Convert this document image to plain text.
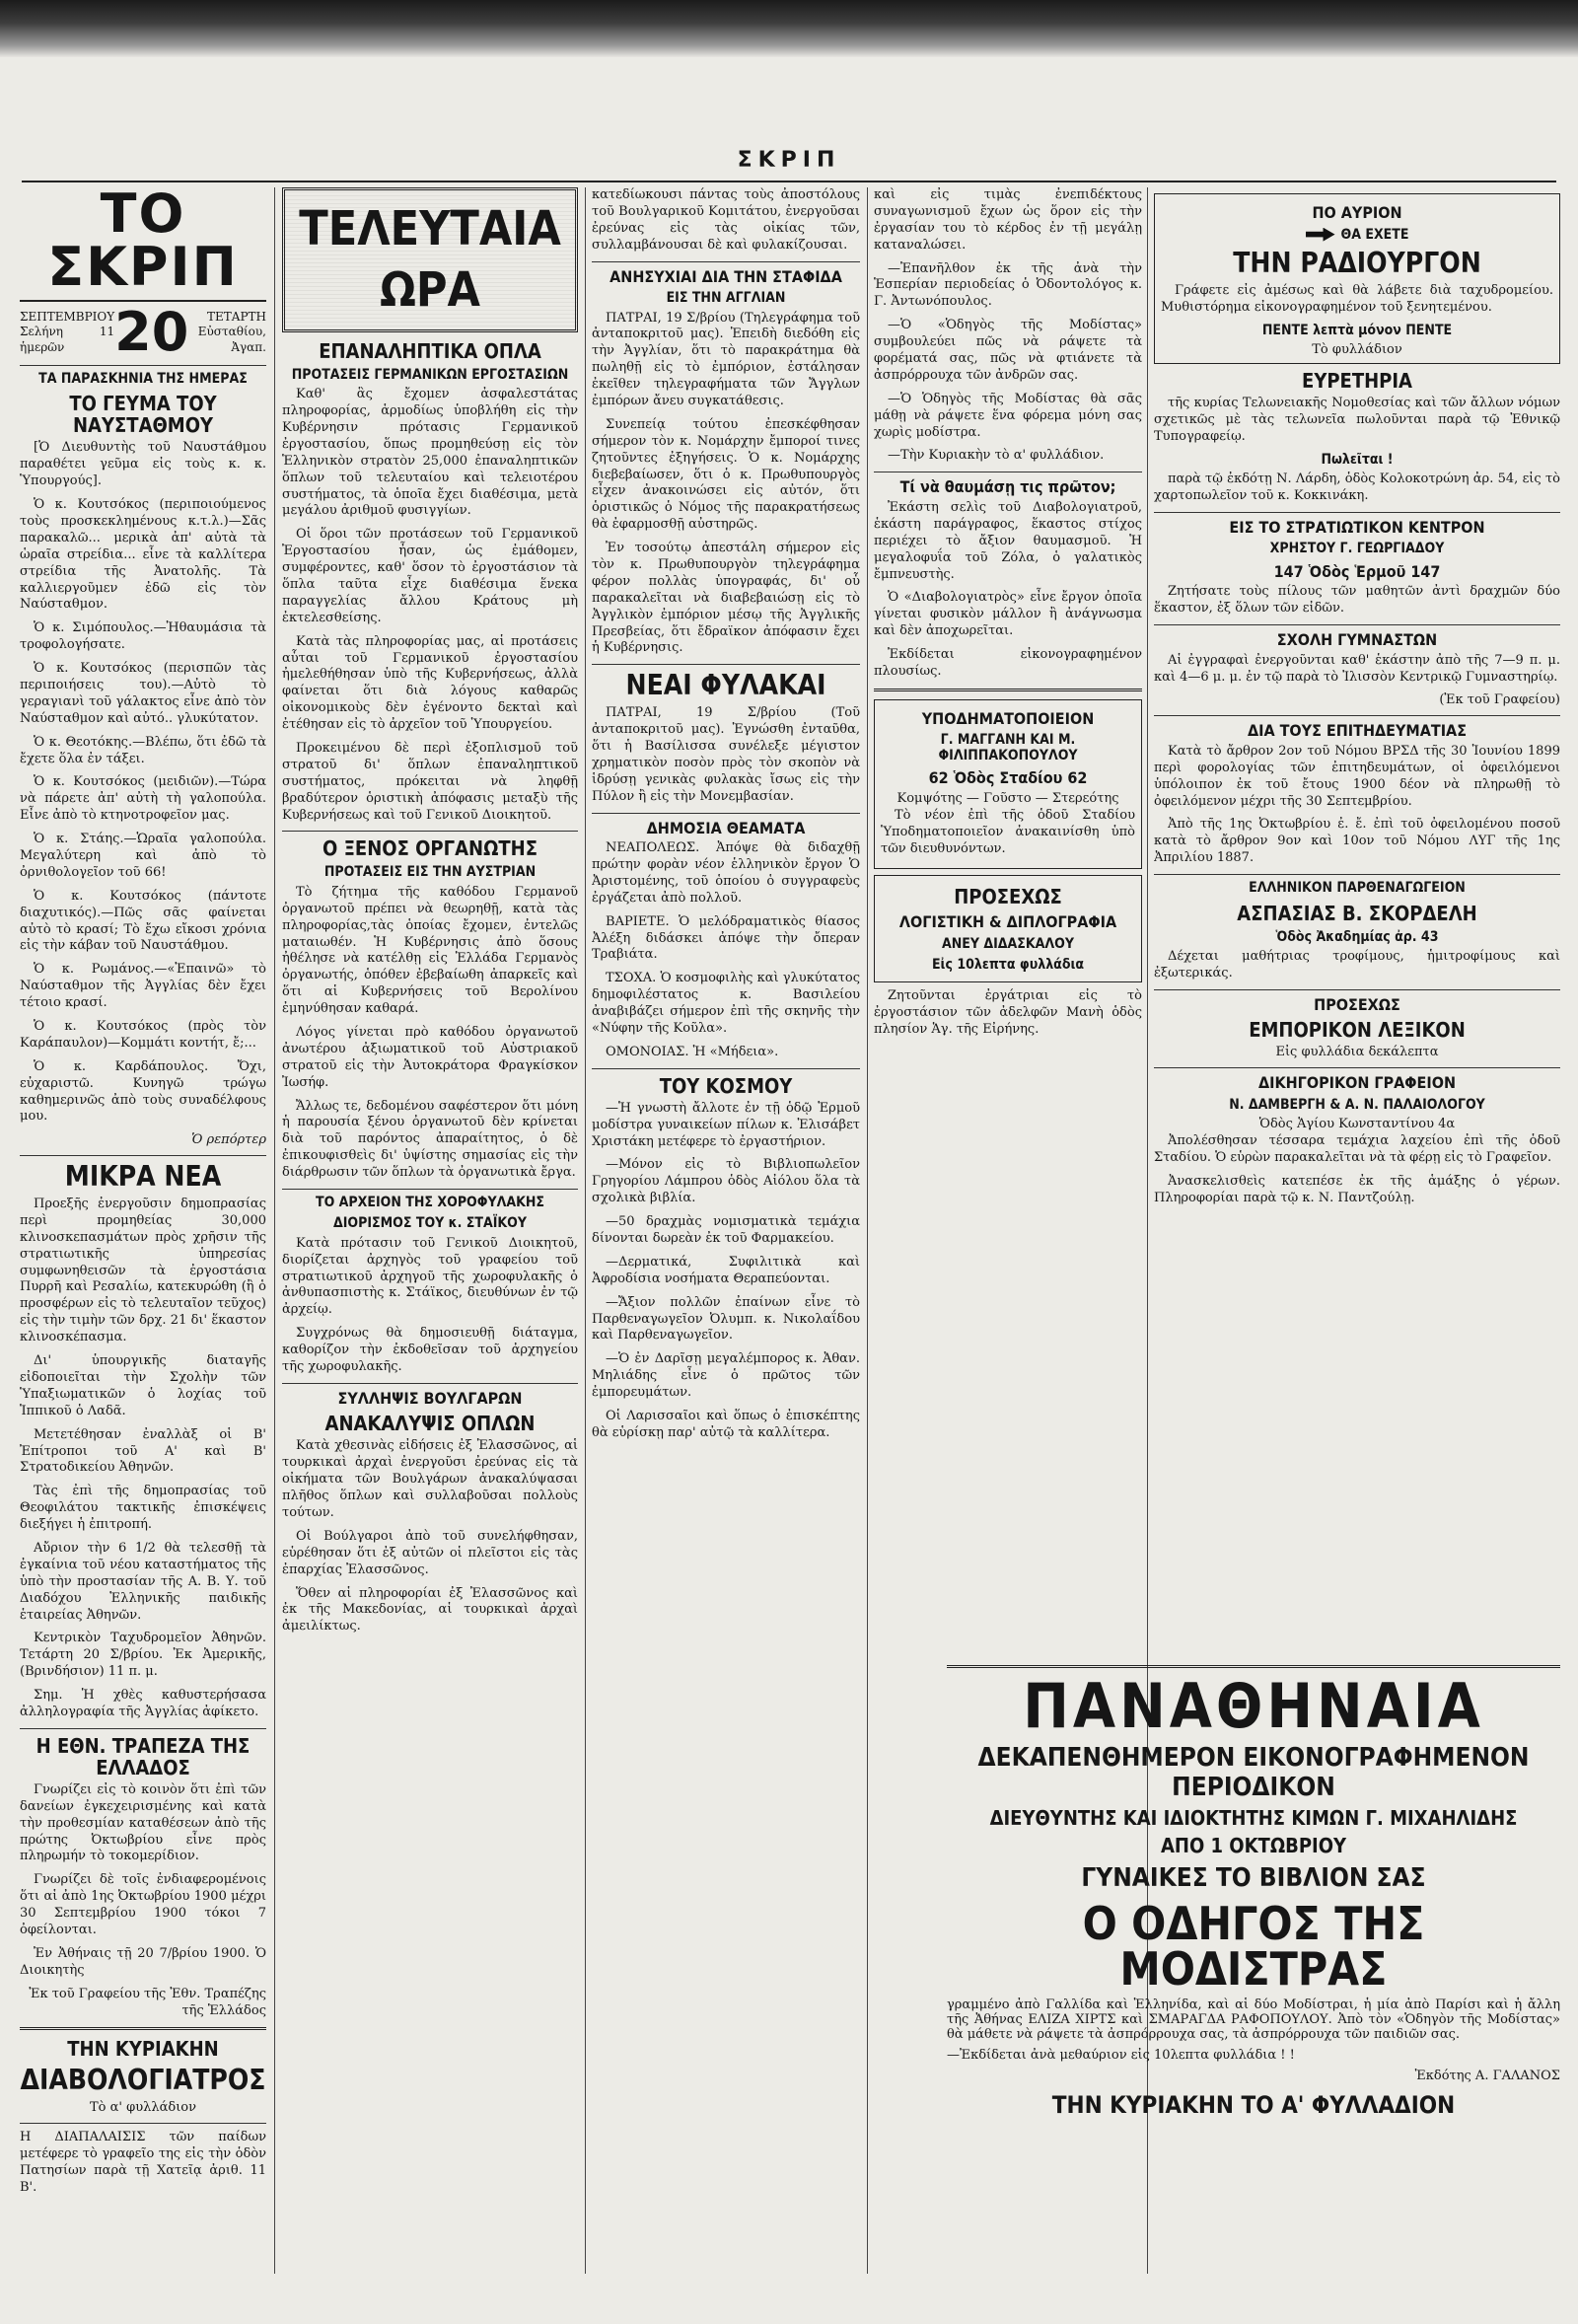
ΣΚΡΙΠ
ΤΟ ΣΚΡΙΠ
ΣΕΠΤΕΜΒΡΙΟΥ
Σελήνη 11 ἡμερῶν 20	ΤΕΤΑΡΤΗ
Εὐσταθίου, Ἀγαπ.
ΤΑ ΠΑΡΑΣΚΗΝΙΑ ΤΗΣ ΗΜΕΡΑΣ
ΤΟ ΓΕΥΜΑ ΤΟΥ ΝΑΥΣΤΑΘΜΟΥ

[Ὁ Διευθυντὴς τοῦ Ναυστάθμου παραθέτει γεῦμα εἰς τοὺς κ. κ. Ὑπουργούς].

Ὁ κ. Κουτσόκος (περιποιούμενος τοὺς προσκεκλημένους κ.τ.λ.)—Σᾶς παρακαλῶ... μερικὰ ἀπ' αὐτὰ τὰ ὡραῖα στρείδια... εἶνε τὰ καλλίτερα στρείδια τῆς Ἀνατολῆς. Τὰ καλλιεργοῦμεν ἐδῶ εἰς τὸν Ναύσταθμον.

Ὁ κ. Σιμόπουλος.—Ἠθαυμάσια τὰ τροφολογήσατε.

Ὁ κ. Κουτσόκος (περισπῶν τὰς περιποιήσεις του).—Αὐτὸ τὸ γεραγιανὶ τοῦ γάλακτος εἶνε ἀπὸ τὸν Ναύσταθμον καὶ αὐτό.. γλυκύτατον.

Ὁ κ. Θεοτόκης.—Βλέπω, ὅτι ἐδῶ τὰ ἔχετε ὅλα ἐν τάξει.

Ὁ κ. Κουτσόκος (μειδιῶν).—Τώρα νὰ πάρετε ἀπ' αὐτὴ τὴ γαλοπούλα. Εἶνε ἀπὸ τὸ κτηνοτροφεῖον μας.

Ὁ κ. Στάης.—Ὡραῖα γαλοπούλα. Μεγαλύτερη καὶ ἀπὸ τὸ ὀρνιθολογεῖον τοῦ 66!

Ὁ κ. Κουτσόκος (πάντοτε διαχυτικός).—Πῶς σᾶς φαίνεται αὐτὸ τὸ κρασί; Τὸ ἔχω εἴκοσι χρόνια εἰς τὴν κάβαν τοῦ Ναυστάθμου.

Ὁ κ. Ρωμάνος.—«Ἐπαινῶ» τὸ Ναύσταθμον τῆς Ἀγγλίας δὲν ἔχει τέτοιο κρασί.

Ὁ κ. Κουτσόκος (πρὸς τὸν Καράπαυλον)—Κομμάτι κοντήτ, ἔ;...

Ὁ κ. Καρδάπουλος. Ὄχι, εὐχαριστῶ. Κυνηγῶ τρώγω καθημερινῶς ἀπὸ τοὺς συναδέλφους μου.

Ὁ ρεπόρτερ
ΜΙΚΡΑ ΝΕΑ

Προεξῆς ἐνεργοῦσιν δημοπρασίας περὶ προμηθείας 30,000 κλινοσκεπασμάτων πρὸς χρῆσιν τῆς στρατιωτικῆς ὑπηρεσίας συμφωνηθεισῶν τὰ ἐργοστάσια Πυρρῆ καὶ Ρεσαλίω, κατεκυρώθη (ἢ ὁ προσφέρων εἰς τὸ τελευταῖον τεῦχος) εἰς τὴν τιμὴν τῶν δρχ. 21 δι' ἕκαστον κλινοσκέπασμα.

Δι' ὑπουργικῆς διαταγῆς εἰδοποιεῖται τὴν Σχολὴν τῶν Ὑπαξιωματικῶν ὁ λοχίας τοῦ Ἱππικοῦ ὁ Λαδᾶ.

Μετετέθησαν ἐναλλὰξ οἱ Β' Ἐπίτροποι τοῦ Α' καὶ Β' Στρατοδικείου Ἀθηνῶν.

Τὰς ἐπὶ τῆς δημοπρασίας τοῦ Θεοφιλάτου τακτικῆς ἐπισκέψεις διεξήγει ἡ ἐπιτροπή.

Αὔριον τὴν 6 1/2 θὰ τελεσθῇ τὰ ἐγκαίνια τοῦ νέου καταστήματος τῆς ὑπὸ τὴν προστασίαν τῆς Α. Β. Υ. τοῦ Διαδόχου Ἑλληνικῆς παιδικῆς ἑταιρείας Ἀθηνῶν.

Κεντρικὸν Ταχυδρομεῖον Ἀθηνῶν. Τετάρτη 20 Σ/βρίου. Ἐκ Ἀμερικῆς, (Βρινδήσιον) 11 π. μ.

Σημ. Ἡ χθὲς καθυστερήσασα ἀλληλογραφία τῆς Ἀγγλίας ἀφίκετο.

Η ΕΘΝ. ΤΡΑΠΕΖΑ ΤΗΣ ΕΛΛΑΔΟΣ

Γνωρίζει εἰς τὸ κοινὸν ὅτι ἐπὶ τῶν δανείων ἐγκεχειρισμένης καὶ κατὰ τὴν προθεσμίαν καταθέσεων ἀπὸ τῆς πρώτης Ὀκτωβρίου εἶνε πρὸς πληρωμήν τὸ τοκομερίδιον.

Γνωρίζει δὲ τοῖς ἐνδιαφερομένοις ὅτι αἱ ἀπὸ 1ης Ὀκτωβρίου 1900 μέχρι 30 Σεπτεμβρίου 1900 τόκοι 7 ὀφείλονται.

Ἐν Ἀθήναις τῇ 20 7/βρίου 1900. Ὁ Διοικητὴς

Ἐκ τοῦ Γραφείου τῆς Ἐθν. Τραπέζης τῆς Ἑλλάδος
ΤΗΝ ΚΥΡΙΑΚΗΝ
ΔΙΑΒΟΛΟΓΙΑΤΡΟΣ
Τὸ α' φυλλάδιον

Η ΔΙΑΠΑΛΑΙΣΙΣ τῶν παίδων μετέφερε τὸ γραφεῖο της εἰς τὴν ὁδὸν Πατησίων παρὰ τῇ Χατεῖᾳ ἀριθ. 11 Β'.

ΤΕΛΕΥΤΑΙΑ ΩΡΑ
ΕΠΑΝΑΛΗΠΤΙΚΑ ΟΠΛΑ
ΠΡΟΤΑΣΕΙΣ ΓΕΡΜΑΝΙΚΩΝ ΕΡΓΟΣΤΑΣΙΩΝ

Καθ' ἃς ἔχομεν ἀσφαλεστάτας πληροφορίας, ἁρμοδίως ὑποβλήθη εἰς τὴν Κυβέρνησιν πρότασις Γερμανικοῦ ἐργοστασίου, ὅπως προμηθεύσῃ εἰς τὸν Ἑλληνικὸν στρατὸν 25,000 ἐπαναληπτικῶν ὅπλων τοῦ τελευταίου καὶ τελειοτέρου συστήματος, τὰ ὁποῖα ἔχει διαθέσιμα, μετὰ μεγάλου ἀριθμοῦ φυσιγγίων.

Οἱ ὅροι τῶν προτάσεων τοῦ Γερμανικοῦ Ἐργοστασίου ἦσαν, ὡς ἐμάθομεν, συμφέροντες, καθ' ὅσον τὸ ἐργοστάσιον τὰ ὅπλα ταῦτα εἶχε διαθέσιμα ἕνεκα παραγγελίας ἄλλου Κράτους μὴ ἐκτελεσθείσης.

Κατὰ τὰς πληροφορίας μας, αἱ προτάσεις αὗται τοῦ Γερμανικοῦ ἐργοστασίου ἠμελεθήθησαν ὑπὸ τῆς Κυβερνήσεως, ἀλλὰ φαίνεται ὅτι διὰ λόγους καθαρῶς οἰκονομικοὺς δὲν ἐγένοντο δεκταὶ καὶ ἐτέθησαν εἰς τὸ ἀρχεῖον τοῦ Ὑπουργείου.

Προκειμένου δὲ περὶ ἐξοπλισμοῦ τοῦ στρατοῦ δι' ὅπλων ἐπαναληπτικοῦ συστήματος, πρόκειται νὰ ληφθῇ βραδύτερον ὁριστικὴ ἀπόφασις μεταξὺ τῆς Κυβερνήσεως καὶ τοῦ Γενικοῦ Διοικητοῦ.

Ο ΞΕΝΟΣ ΟΡΓΑΝΩΤΗΣ
ΠΡΟΤΑΣΕΙΣ ΕΙΣ ΤΗΝ ΑΥΣΤΡΙΑΝ

Τὸ ζήτημα τῆς καθόδου Γερμανοῦ ὀργανωτοῦ πρέπει νὰ θεωρηθῇ, κατὰ τὰς πληροφορίας,τὰς ὁποίας ἔχομεν, ἐντελῶς ματαιωθέν. Ἡ Κυβέρνησις ἀπὸ ὅσους ἠθέλησε νὰ κατέλθῃ εἰς Ἑλλάδα Γερμανὸς ὀργανωτής, ὁπόθεν ἐβεβαίωθη ἀπαρκεῖς καὶ ὅτι αἱ Κυβερνήσεις τοῦ Βερολίνου ἐμηνύθησαν καθαρά.

Λόγος γίνεται πρὸ καθόδου ὀργανωτοῦ ἀνωτέρου ἀξιωματικοῦ τοῦ Αὐστριακοῦ στρατοῦ εἰς τὴν Ἀυτοκράτορα Φραγκίσκον Ἰωσήφ.

Ἄλλως τε, δεδομένου σαφέστερον ὅτι μόνη ἡ παρουσία ξένου ὀργανωτοῦ δὲν κρίνεται διὰ τοῦ παρόντος ἀπαραίτητος, ὁ δὲ ἐπικουφισθεὶς δι' ὑψίστης σημασίας εἰς τὴν διάρθρωσιν τῶν ὅπλων τὰ ὀργανωτικὰ ἔργα.

ΤΟ ΑΡΧΕΙΟΝ ΤΗΣ ΧΟΡΟΦΥΛΑΚΗΣ
ΔΙΟΡΙΣΜΟΣ ΤΟΥ κ. ΣΤΑΪΚΟΥ

Κατὰ πρότασιν τοῦ Γενικοῦ Διοικητοῦ, διορίζεται ἀρχηγὸς τοῦ γραφείου τοῦ στρατιωτικοῦ ἀρχηγοῦ τῆς χωροφυλακῆς ὁ ἀνθυπασπιστὴς κ. Στάϊκος, διευθύνων ἐν τῷ ἀρχείῳ.

Συγχρόνως θὰ δημοσιευθῇ διάταγμα, καθορίζον τὴν ἐκδοθεῖσαν τοῦ ἀρχηγείου τῆς χωροφυλακῆς.

ΣΥΛΛΗΨΙΣ ΒΟΥΛΓΑΡΩΝ
ΑΝΑΚΑΛΥΨΙΣ ΟΠΛΩΝ

Κατὰ χθεσινὰς εἰδήσεις ἐξ Ἐλασσῶνος, αἱ τουρκικαὶ ἀρχαὶ ἐνεργοῦσι ἐρεύνας εἰς τὰ οἰκήματα τῶν Βουλγάρων ἀνακαλύψασαι πλῆθος ὅπλων καὶ συλλαβοῦσαι πολλοὺς τούτων.

Οἱ Βούλγαροι ἀπὸ τοῦ συνελήφθησαν, εὑρέθησαν ὅτι ἐξ αὐτῶν οἱ πλεῖστοι εἰς τὰς ἐπαρχίας Ἐλασσῶνος.

Ὅθεν αἱ πληροφορίαι ἐξ Ἐλασσῶνος καὶ ἐκ τῆς Μακεδονίας, αἱ τουρκικαὶ ἀρχαὶ ἀμειλίκτως.

κατεδίωκουσι πάντας τοὺς ἀποστόλους τοῦ Βουλγαρικοῦ Κομιτάτου, ἐνεργοῦσαι ἐρεύνας εἰς τὰς οἰκίας τῶν, συλλαμβάνουσαι δὲ καὶ φυλακίζουσαι.

ΑΝΗΣΥΧΙΑΙ ΔΙΑ ΤΗΝ ΣΤΑΦΙΔΑ
ΕΙΣ ΤΗΝ ΑΓΓΛΙΑΝ

ΠΑΤΡΑΙ, 19 Σ/βρίου (Τηλεγράφημα τοῦ ἀνταποκριτοῦ μας). Ἐπειδὴ διεδόθη εἰς τὴν Ἀγγλίαν, ὅτι τὸ παρακράτημα θὰ πωληθῇ εἰς τὸ ἐμπόριον, ἐστάλησαν ἐκεῖθεν τηλεγραφήματα τῶν Ἄγγλων ἐμπόρων ἄνευ συγκατάθεσις.

Συνεπείᾳ τούτου ἐπεσκέφθησαν σήμερον τὸν κ. Νομάρχην ἔμποροί τινες ζητοῦντες ἐξηγήσεις. Ὁ κ. Νομάρχης διεβεβαίωσεν, ὅτι ὁ κ. Πρωθυπουργὸς εἶχεν ἀνακοινώσει εἰς αὐτόν, ὅτι ὁριστικῶς ὁ Νόμος τῆς παρακρατήσεως θὰ ἐφαρμοσθῇ αὐστηρῶς.

Ἐν τοσούτῳ ἀπεστάλη σήμερον εἰς τὸν κ. Πρωθυπουργὸν τηλεγράφημα φέρον πολλὰς ὑπογραφάς, δι' οὗ παρακαλεῖται νὰ διαβεβαιώσῃ εἰς τὸ Ἀγγλικὸν ἐμπόριον μέσῳ τῆς Ἀγγλικῆς Πρεσβείας, ὅτι ἔδραϊκον ἀπόφασιν ἔχει ἡ Κυβέρνησις.

ΝΕΑΙ ΦΥΛΑΚΑΙ

ΠΑΤΡΑΙ, 19 Σ/βρίου (Τοῦ ἀνταποκριτοῦ μας). Ἐγνώσθη ἐνταῦθα, ὅτι ἡ Βασίλισσα συνέλεξε μέγιστον χρηματικὸν ποσὸν πρὸς τὸν σκοπὸν νὰ ἱδρύσῃ γενικὰς φυλακὰς ἴσως εἰς τὴν Πύλον ἢ εἰς τὴν Μονεμβασίαν.

ΔΗΜΟΣΙΑ ΘΕΑΜΑΤΑ

ΝΕΑΠΟΛΕΩΣ. Ἀπόψε θὰ διδαχθῇ πρώτην φορὰν νέον ἑλληνικὸν ἔργον Ὁ Ἀριστομένης, τοῦ ὁποίου ὁ συγγραφεὺς ἐργάζεται ἀπὸ πολλοῦ.

ΒΑΡΙΕΤΕ. Ὁ μελόδραματικὸς θίασος Ἀλέξη διδάσκει ἀπόψε τὴν ὄπεραν Τραβιάτα.

ΤΣΟΧΑ. Ὁ κοσμοφιλὴς καὶ γλυκύτατος δημοφιλέστατος κ. Βασιλείου ἀναβιβάζει σήμερον ἐπὶ τῆς σκηνῆς τὴν «Νύφην τῆς Κοῦλα».

ΟΜΟΝΟΙΑΣ. Ἡ «Μήδεια».

ΤΟΥ ΚΟΣΜΟΥ

—Ἡ γνωστὴ ἄλλοτε ἐν τῇ ὁδῷ Ἑρμοῦ μοδίστρα γυναικείων πίλων κ. Ἐλισάβετ Χριστάκη μετέφερε τὸ ἐργαστήριον.

—Μόνον εἰς τὸ Βιβλιοπωλεῖον Γρηγορίου Λάμπρου ὁδὸς Αἰόλου ὅλα τὰ σχολικὰ βιβλία.

—50 δραχμὰς νομισματικὰ τεμάχια δίνονται δωρεὰν ἐκ τοῦ Φαρμακείου.

—Δερματικά, Συφιλιτικὰ καὶ Ἀφροδίσια νοσήματα Θεραπεύονται.

—Ἄξιον πολλῶν ἐπαίνων εἶνε τὸ Παρθεναγωγεῖον Ὀλυμπ. κ. Νικολαΐδου καὶ Παρθεναγωγεῖον.

—Ὁ ἐν Δαρῖσῃ μεγαλέμπορος κ. Ἀθαν. Μηλιάδης εἶνε ὁ πρῶτος τῶν ἐμπορευμάτων.

Οἱ Λαρισσαῖοι καὶ ὅπως ὁ ἐπισκέπτης θὰ εὑρίσκῃ παρ' αὐτῷ τὰ καλλίτερα.

καὶ εἰς τιμὰς ἐνεπιδέκτους συναγωνισμοῦ ἔχων ὡς ὅρον εἰς τὴν ἐργασίαν του τὸ κέρδος ἐν τῇ μεγάλῃ καταναλώσει.

—Ἐπανῆλθον ἐκ τῆς ἀνὰ τὴν Ἑσπερίαν περιοδείας ὁ Ὀδοντολόγος κ. Γ. Ἀντωνόπουλος.

—Ὁ «Ὁδηγὸς τῆς Μοδίστας» συμβουλεύει πῶς νὰ ράψετε τὰ φορέματά σας, πῶς νὰ φτιάνετε τὰ ἀσπρόρρουχα τῶν ἀνδρῶν σας.

—Ὁ Ὁδηγὸς τῆς Μοδίστας θὰ σᾶς μάθῃ νὰ ράψετε ἕνα φόρεμα μόνη σας χωρὶς μοδίστρα.

—Τὴν Κυριακὴν τὸ α' φυλλάδιον.

Τί νὰ θαυμάσῃ τις πρῶτον;

Ἐκάστη σελὶς τοῦ Διαβολογιατροῦ, ἑκάστη παράγραφος, ἕκαστος στίχος περιέχει τὸ ἄξιον θαυμασμοῦ. Ἡ μεγαλοφυΐα τοῦ Ζόλα, ὁ γαλατικὸς ἔμπνευστὴς.

Ὁ «Διαβολογιατρὸς» εἶνε ἔργον ὀποῖα γίνεται φυσικὸν μάλλον ἢ ἀνάγνωσμα καὶ δὲν ἀποχωρεῖται.

Ἐκδίδεται εἰκονογραφημένον πλουσίως.

ΥΠΟΔΗΜΑΤΟΠΟΙΕΙΟΝ
Γ. ΜΑΓΓΑΝΗ ΚΑΙ Μ. ΦΙΛΙΠΠΑΚΟΠΟΥΛΟΥ
62 Ὁδὸς Σταδίου 62
Κομψότης — Γοῦστο — Στερεότης

Τὸ νέον ἐπὶ τῆς ὁδοῦ Σταδίου Ὑποδηματοποιεῖον ἀνακαινίσθη ὑπὸ τῶν διευθυνόντων.

ΠΡΟΣΕΧΩΣ
ΛΟΓΙΣΤΙΚΗ & ΔΙΠΛΟΓΡΑΦΙΑ
ΑΝΕΥ ΔΙΔΑΣΚΑΛΟΥ
Εἰς 10λεπτα φυλλάδια

Ζητοῦνται ἐργάτριαι εἰς τὸ ἐργοστάσιον τῶν ἀδελφῶν Μανὴ ὁδὸς πλησίον Ἁγ. τῆς Εἰρήνης.

ΠΟ ΑΥΡΙΟΝ
ΘΑ ΕΧΕΤΕ
ΤΗΝ ΡΑΔΙΟΥΡΓΟΝ

Γράφετε εἰς ἀμέσως καὶ θὰ λάβετε διὰ ταχυδρομείου. Μυθιστόρημα εἰκονογραφημένον τοῦ ξενητεμένου.

ΠΕΝΤΕ λεπτὰ μόνον ΠΕΝΤΕ
Τὸ φυλλάδιον
ΕΥΡΕΤΗΡΙΑ

τῆς κυρίας Τελωνειακῆς Νομοθεσίας καὶ τῶν ἄλλων νόμων σχετικῶς μὲ τὰς τελωνεῖα πωλοῦνται παρὰ τῷ Ἐθνικῷ Τυπογραφείῳ.

Πωλεῖται !

παρὰ τῷ ἐκδότῃ Ν. Λάρδη, ὁδὸς Κολοκοτρώνη ἀρ. 54, εἰς τὸ χαρτοπωλεῖον τοῦ κ. Κοκκινάκη.

ΕΙΣ ΤΟ ΣΤΡΑΤΙΩΤΙΚΟΝ ΚΕΝΤΡΟΝ
ΧΡΗΣΤΟΥ Γ. ΓΕΩΡΓΙΑΔΟΥ
147 Ὁδὸς Ἑρμοῦ 147

Ζητήσατε τοὺς πίλους τῶν μαθητῶν ἀντὶ δραχμῶν δύο ἕκαστον, ἐξ ὅλων τῶν εἰδῶν.

ΣΧΟΛΗ ΓΥΜΝΑΣΤΩΝ

Αἱ ἐγγραφαὶ ἐνεργοῦνται καθ' ἑκάστην ἀπὸ τῆς 7—9 π. μ. καὶ 4—6 μ. μ. ἐν τῷ παρὰ τὸ Ἰλισσὸν Κεντρικῷ Γυμναστηρίῳ.

(Ἐκ τοῦ Γραφείου)
ΔΙΑ ΤΟΥΣ ΕΠΙΤΗΔΕΥΜΑΤΙΑΣ

Κατὰ τὸ ἄρθρον 2ον τοῦ Νόμου ΒΡΣΔ τῆς 30 Ἰουνίου 1899 περὶ φορολογίας τῶν ἐπιτηδευμάτων, οἱ ὀφειλόμενοι ὑπόλοιπον ἐκ τοῦ ἔτους 1900 δέον νὰ πληρωθῇ τὸ ὀφειλόμενον μέχρι τῆς 30 Σεπτεμβρίου.

Ἀπὸ τῆς 1ης Ὀκτωβρίου ἐ. ἔ. ἐπὶ τοῦ ὀφειλομένου ποσοῦ κατὰ τὸ ἄρθρον 9ον καὶ 10ον τοῦ Νόμου ΛΥΓ τῆς 1ης Ἀπριλίου 1887.

ΕΛΛΗΝΙΚΟΝ ΠΑΡΘΕΝΑΓΩΓΕΙΟΝ
ΑΣΠΑΣΙΑΣ Β. ΣΚΟΡΔΕΛΗ
Ὁδὸς Ἀκαδημίας ἀρ. 43

Δέχεται μαθήτριας τροφίμους, ἡμιτροφίμους καὶ ἐξωτερικάς.

ΠΡΟΣΕΧΩΣ
ΕΜΠΟΡΙΚΟΝ ΛΕΞΙΚΟΝ
Εἰς φυλλάδια δεκάλεπτα
ΔΙΚΗΓΟΡΙΚΟΝ ΓΡΑΦΕΙΟΝ
Ν. ΔΑΜΒΕΡΓΗ & Α. Ν. ΠΑΛΑΙΟΛΟΓΟΥ
Ὁδὸς Ἁγίου Κωνσταντίνου 4α

Ἀπολέσθησαν τέσσαρα τεμάχια λαχείου ἐπὶ τῆς ὁδοῦ Σταδίου. Ὁ εὑρὼν παρακαλεῖται νὰ τὰ φέρῃ εἰς τὸ Γραφεῖον.

Ἀνασκελισθεὶς κατεπέσε ἐκ τῆς ἁμάξης ὁ γέρων. Πληροφορίαι παρὰ τῷ κ. Ν. Παντζούλῃ.

ΠΑΝΑΘΗΝΑΙΑ
ΔΕΚΑΠΕΝΘΗΜΕΡΟΝ ΕΙΚΟΝΟΓΡΑΦΗΜΕΝΟΝ ΠΕΡΙΟΔΙΚΟΝ
ΔΙΕΥΘΥΝΤΗΣ ΚΑΙ ΙΔΙΟΚΤΗΤΗΣ ΚΙΜΩΝ Γ. ΜΙΧΑΗΛΙΔΗΣ
ΑΠΟ 1 ΟΚΤΩΒΡΙΟΥ
ΓΥΝΑΙΚΕΣ ΤΟ ΒΙΒΛΙΟΝ ΣΑΣ
Ο ΟΔΗΓΟΣ ΤΗΣ ΜΟΔΙΣΤΡΑΣ

γραμμένο ἀπὸ Γαλλίδα καὶ Ἑλληνίδα, καὶ αἱ δύο Μοδίστραι, ἡ μία ἀπὸ Παρίσι καὶ ἡ ἄλλη τῆς Ἀθήνας ΕΛΙΖΑ ΧΙΡΤΣ καὶ ΣΜΑΡΑΓΔΑ ΡΑΦΟΠΟΥΛΟΥ. Ἀπὸ τὸν «Ὁδηγὸν τῆς Μοδίστας» θὰ μάθετε νὰ ράψετε τὰ ἀσπρόρρουχα σας, τὰ ἀσπρόρρουχα τῶν παιδιῶν σας.

—Ἐκδίδεται ἀνὰ μεθαύριον εἰς 10λεπτα φυλλάδια ! !

Ἐκδότης Α. ΓΑΛΑΝΟΣ
ΤΗΝ ΚΥΡΙΑΚΗΝ ΤΟ Α' ΦΥΛΛΑΔΙΟΝ
